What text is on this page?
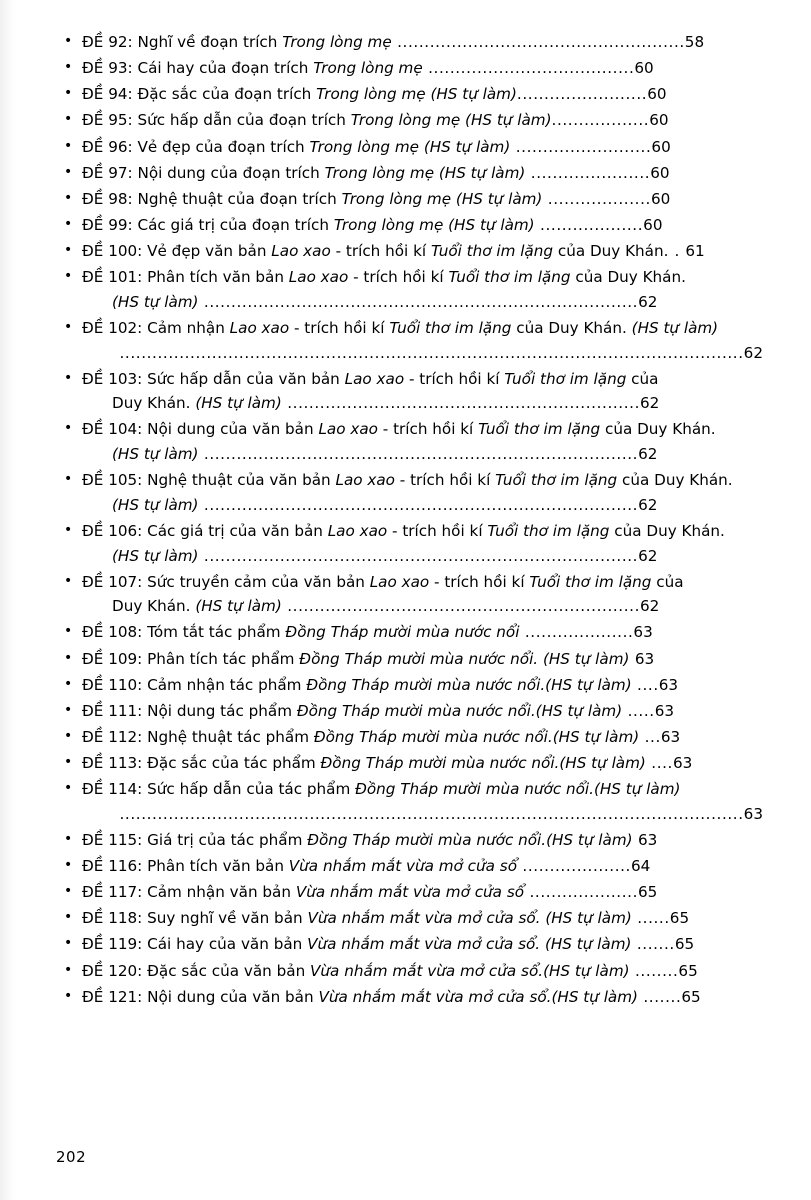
• ĐỀ 92: Nghĩ về đoạn trích Trong lòng mẹ .....................................................58
• ĐỀ 93: Cái hay của đoạn trích Trong lòng mẹ ......................................60
• ĐỀ 94: Đặc sắc của đoạn trích Trong lòng mẹ (HS tự làm)........................60
• ĐỀ 95: Sức hấp dẫn của đoạn trích Trong lòng mẹ (HS tự làm)..................60
• ĐỀ 96: Vẻ đẹp của đoạn trích Trong lòng mẹ (HS tự làm) .........................60
• ĐỀ 97: Nội dung của đoạn trích Trong lòng mẹ (HS tự làm) ......................60
• ĐỀ 98: Nghệ thuật của đoạn trích Trong lòng mẹ (HS tự làm) ...................60
• ĐỀ 99: Các giá trị của đoạn trích Trong lòng mẹ (HS tự làm) ...................60
• ĐỀ 100: Vẻ đẹp văn bản Lao xao - trích hồi kí Tuổi thơ im lặng của Duy Khán. . 61
• ĐỀ 101: Phân tích văn bản Lao xao - trích hồi kí Tuổi thơ im lặng của Duy Khán.
(HS tự làm) ................................................................................62
• ĐỀ 102: Cảm nhận Lao xao - trích hồi kí Tuổi thơ im lặng của Duy Khán. (HS tự làm)
...................................................................................................................62
• ĐỀ 103: Sức hấp dẫn của văn bản Lao xao - trích hồi kí Tuổi thơ im lặng của
Duy Khán. (HS tự làm) .................................................................62
• ĐỀ 104: Nội dung của văn bản Lao xao - trích hồi kí Tuổi thơ im lặng của Duy Khán.
(HS tự làm) ................................................................................62
• ĐỀ 105: Nghệ thuật của văn bản Lao xao - trích hồi kí Tuổi thơ im lặng của Duy Khán.
(HS tự làm) ................................................................................62
• ĐỀ 106: Các giá trị của văn bản Lao xao - trích hồi kí Tuổi thơ im lặng của Duy Khán.
(HS tự làm) ................................................................................62
• ĐỀ 107: Sức truyền cảm của văn bản Lao xao - trích hồi kí Tuổi thơ im lặng của
Duy Khán. (HS tự làm) .................................................................62
• ĐỀ 108: Tóm tắt tác phẩm Đồng Tháp mười mùa nước nổi ....................63
• ĐỀ 109: Phân tích tác phẩm Đồng Tháp mười mùa nước nổi. (HS tự làm) 63
• ĐỀ 110: Cảm nhận tác phẩm Đồng Tháp mười mùa nước nổi.(HS tự làm) ....63
• ĐỀ 111: Nội dung tác phẩm Đồng Tháp mười mùa nước nổi.(HS tự làm) .....63
• ĐỀ 112: Nghệ thuật tác phẩm Đồng Tháp mười mùa nước nổi.(HS tự làm) ...63
• ĐỀ 113: Đặc sắc của tác phẩm Đồng Tháp mười mùa nước nổi.(HS tự làm) ....63
• ĐỀ 114: Sức hấp dẫn của tác phẩm Đồng Tháp mười mùa nước nổi.(HS tự làm)
...................................................................................................................63
• ĐỀ 115: Giá trị của tác phẩm Đồng Tháp mười mùa nước nổi.(HS tự làm) 63
• ĐỀ 116: Phân tích văn bản Vừa nhắm mắt vừa mở cửa sổ ....................64
• ĐỀ 117: Cảm nhận văn bản Vừa nhắm mắt vừa mở cửa sổ ....................65
• ĐỀ 118: Suy nghĩ về văn bản Vừa nhắm mắt vừa mở cửa sổ. (HS tự làm) ......65
• ĐỀ 119: Cái hay của văn bản Vừa nhắm mắt vừa mở cửa sổ. (HS tự làm) .......65
• ĐỀ 120: Đặc sắc của văn bản Vừa nhắm mắt vừa mở cửa sổ.(HS tự làm) ........65
• ĐỀ 121: Nội dung của văn bản Vừa nhắm mắt vừa mở cửa sổ.(HS tự làm) .......65
202
